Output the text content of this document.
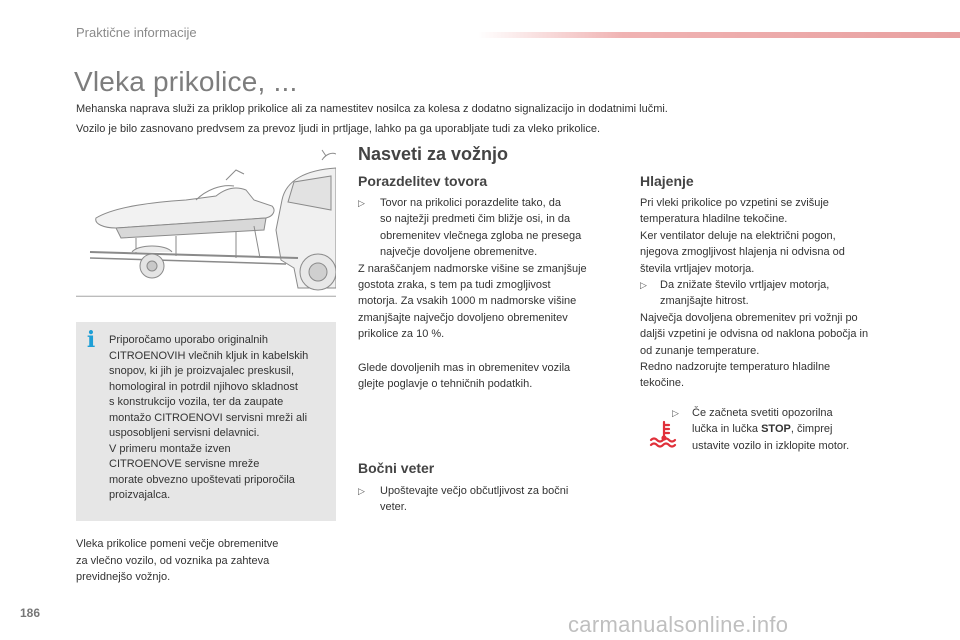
Praktične informacije
Vleka prikolice, ...
Mehanska naprava služi za priklop prikolice ali za namestitev nosilca za kolesa z dodatno signalizacijo in dodatnimi lučmi.
Vozilo je bilo zasnovano predvsem za prevoz ljudi in prtljage, lahko pa ga uporabljate tudi za vleko prikolice.
i Priporočamo uporabo originalnih
CITROENOVIH vlečnih kljuk in kabelskih
snopov, ki jih je proizvajalec preskusil,
homologiral in potrdil njihovo skladnost
s konstrukcijo vozila, ter da zaupate
montažo CITROENOVI servisni mreži ali
usposobljeni servisni delavnici.
V primeru montaže izven
CITROENOVE servisne mreže
morate obvezno upoštevati priporočila
proizvajalca.
Vleka prikolice pomeni večje obremenitve
za vlečno vozilo, od voznika pa zahteva
previdnejšo vožnjo.
Nasveti za vožnjo
Porazdelitev tovora
▷ Tovor na prikolici porazdelite tako, da
so najtežji predmeti čim bližje osi, in da
obremenitev vlečnega zgloba ne presega
največje dovoljene obremenitve.
Z naraščanjem nadmorske višine se zmanjšuje
gostota zraka, s tem pa tudi zmogljivost
motorja. Za vsakih 1000 m nadmorske višine
zmanjšajte največjo dovoljeno obremenitev
prikolice za 10 %.
Glede dovoljenih mas in obremenitev vozila
glejte poglavje o tehničnih podatkih.
Bočni veter
▷ Upoštevajte večjo občutljivost za bočni
veter.
Hlajenje
Pri vleki prikolice po vzpetini se zvišuje
temperatura hladilne tekočine.
Ker ventilator deluje na električni pogon,
njegova zmogljivost hlajenja ni odvisna od
števila vrtljajev motorja.
▷	Da znižate število vrtljajev motorja,
zmanjšajte hitrost.
Največja dovoljena obremenitev pri vožnji po
daljši vzpetini je odvisna od naklona pobočja in
od zunanje temperature.
Redno nadzorujte temperaturo hladilne
tekočine.
▷ Če začneta svetiti opozorilna
lučka in lučka STOP, čimprej
ustavite vozilo in izklopite motor.
186	carmanualsonline.info
